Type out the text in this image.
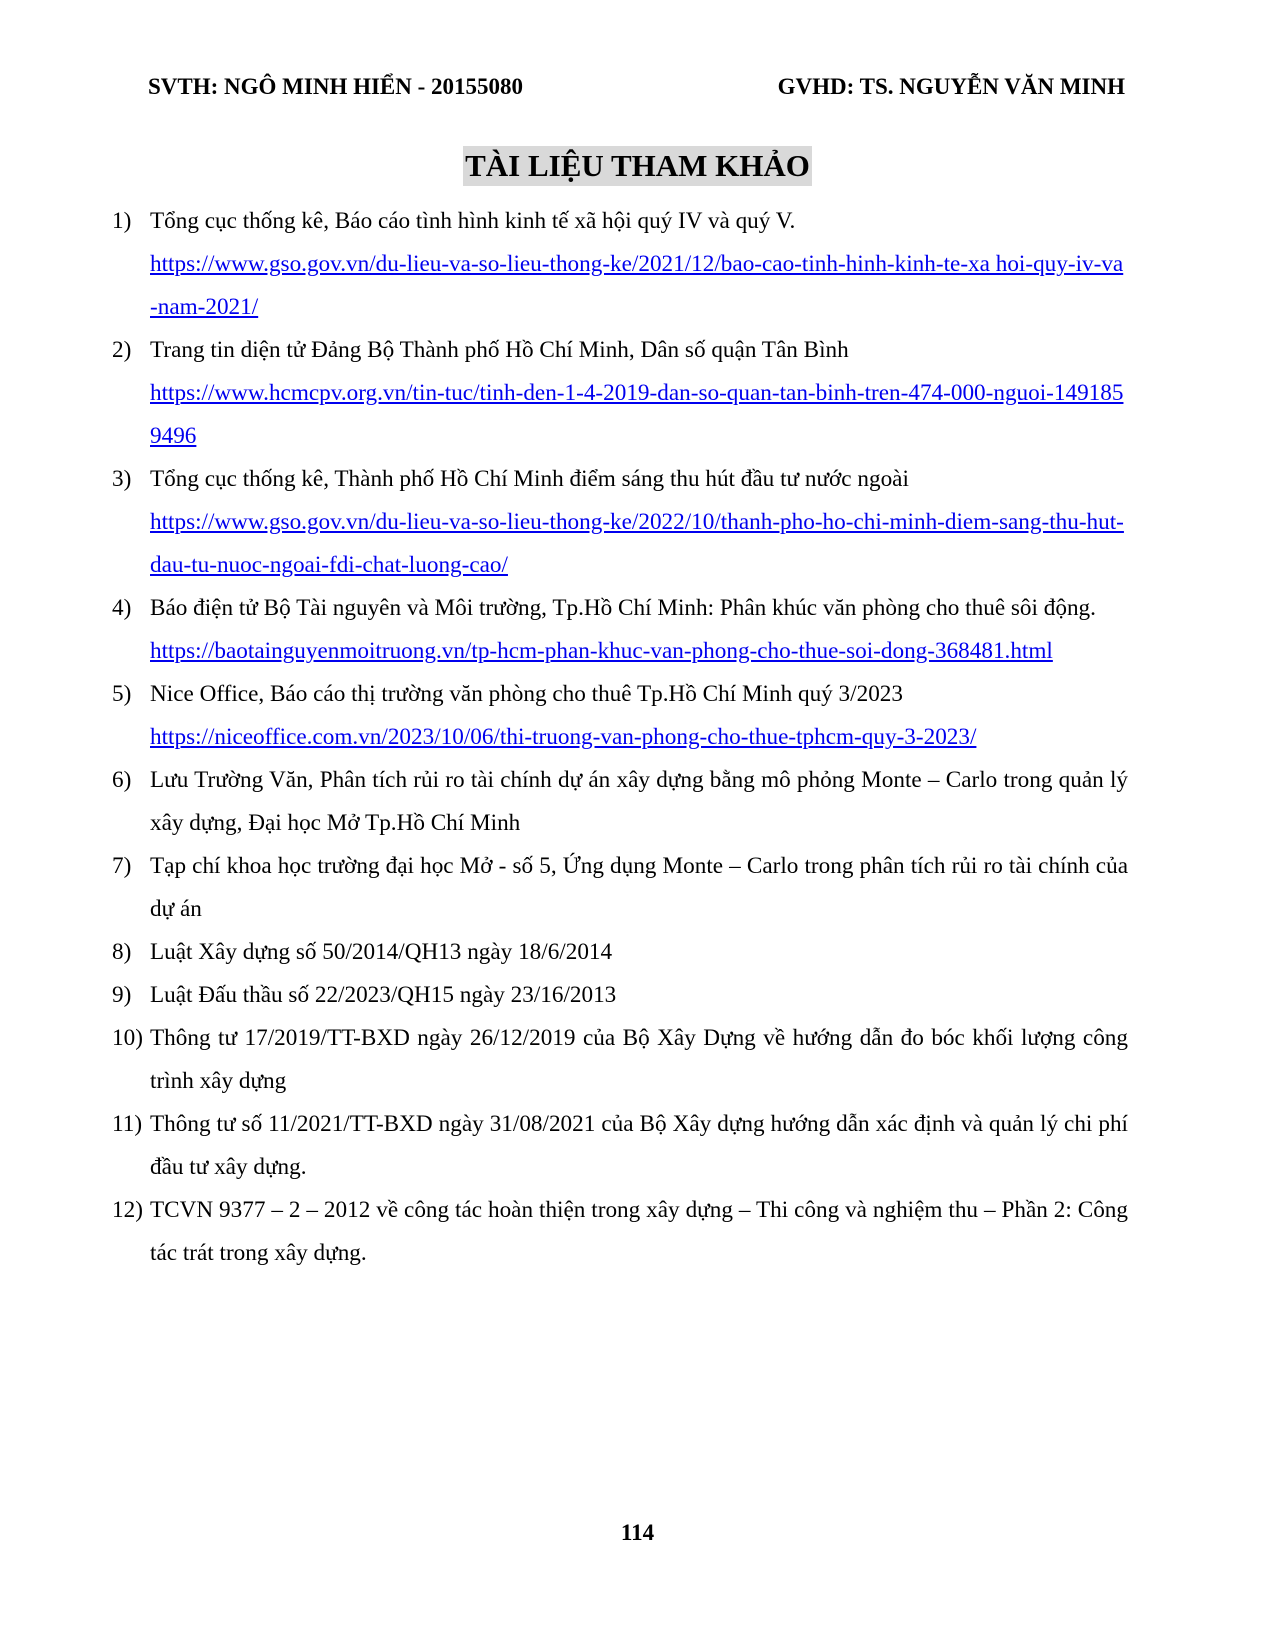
SVTH: NGÔ MINH HIỂN - 20155080	GVHD: TS. NGUYỄN VĂN MINH
TÀI LIỆU THAM KHẢO
1) Tổng cục thống kê, Báo cáo tình hình kinh tế xã hội quý IV và quý V.
https://www.gso.gov.vn/du-lieu-va-so-lieu-thong-ke/2021/12/bao-cao-tinh-hinh-kinh-te-xa hoi-quy-iv-va-nam-2021/
2) Trang tin diện tử Đảng Bộ Thành phố Hồ Chí Minh, Dân số quận Tân Bình
https://www.hcmcpv.org.vn/tin-tuc/tinh-den-1-4-2019-dan-so-quan-tan-binh-tren-474-000-nguoi-1491859496
3) Tổng cục thống kê, Thành phố Hồ Chí Minh điểm sáng thu hút đầu tư nước ngoài
https://www.gso.gov.vn/du-lieu-va-so-lieu-thong-ke/2022/10/thanh-pho-ho-chi-minh-diem-sang-thu-hut-dau-tu-nuoc-ngoai-fdi-chat-luong-cao/
4) Báo điện tử Bộ Tài nguyên và Môi trường, Tp.Hồ Chí Minh: Phân khúc văn phòng cho thuê sôi động.
https://baotainguyenmoitruong.vn/tp-hcm-phan-khuc-van-phong-cho-thue-soi-dong-368481.html
5) Nice Office, Báo cáo thị trường văn phòng cho thuê Tp.Hồ Chí Minh quý 3/2023
https://niceoffice.com.vn/2023/10/06/thi-truong-van-phong-cho-thue-tphcm-quy-3-2023/
6) Lưu Trường Văn, Phân tích rủi ro tài chính dự án xây dựng bằng mô phỏng Monte – Carlo trong quản lý xây dựng, Đại học Mở Tp.Hồ Chí Minh
7) Tạp chí khoa học trường đại học Mở - số 5, Ứng dụng Monte – Carlo trong phân tích rủi ro tài chính của dự án
8) Luật Xây dựng số 50/2014/QH13 ngày 18/6/2014
9) Luật Đấu thầu số 22/2023/QH15 ngày 23/16/2013
10) Thông tư 17/2019/TT-BXD ngày 26/12/2019 của Bộ Xây Dựng về hướng dẫn đo bóc khối lượng công trình xây dựng
11) Thông tư số 11/2021/TT-BXD ngày 31/08/2021 của Bộ Xây dựng hướng dẫn xác định và quản lý chi phí đầu tư xây dựng.
12) TCVN 9377 – 2 – 2012 về công tác hoàn thiện trong xây dựng – Thi công và nghiệm thu – Phần 2: Công tác trát trong xây dựng.
114
